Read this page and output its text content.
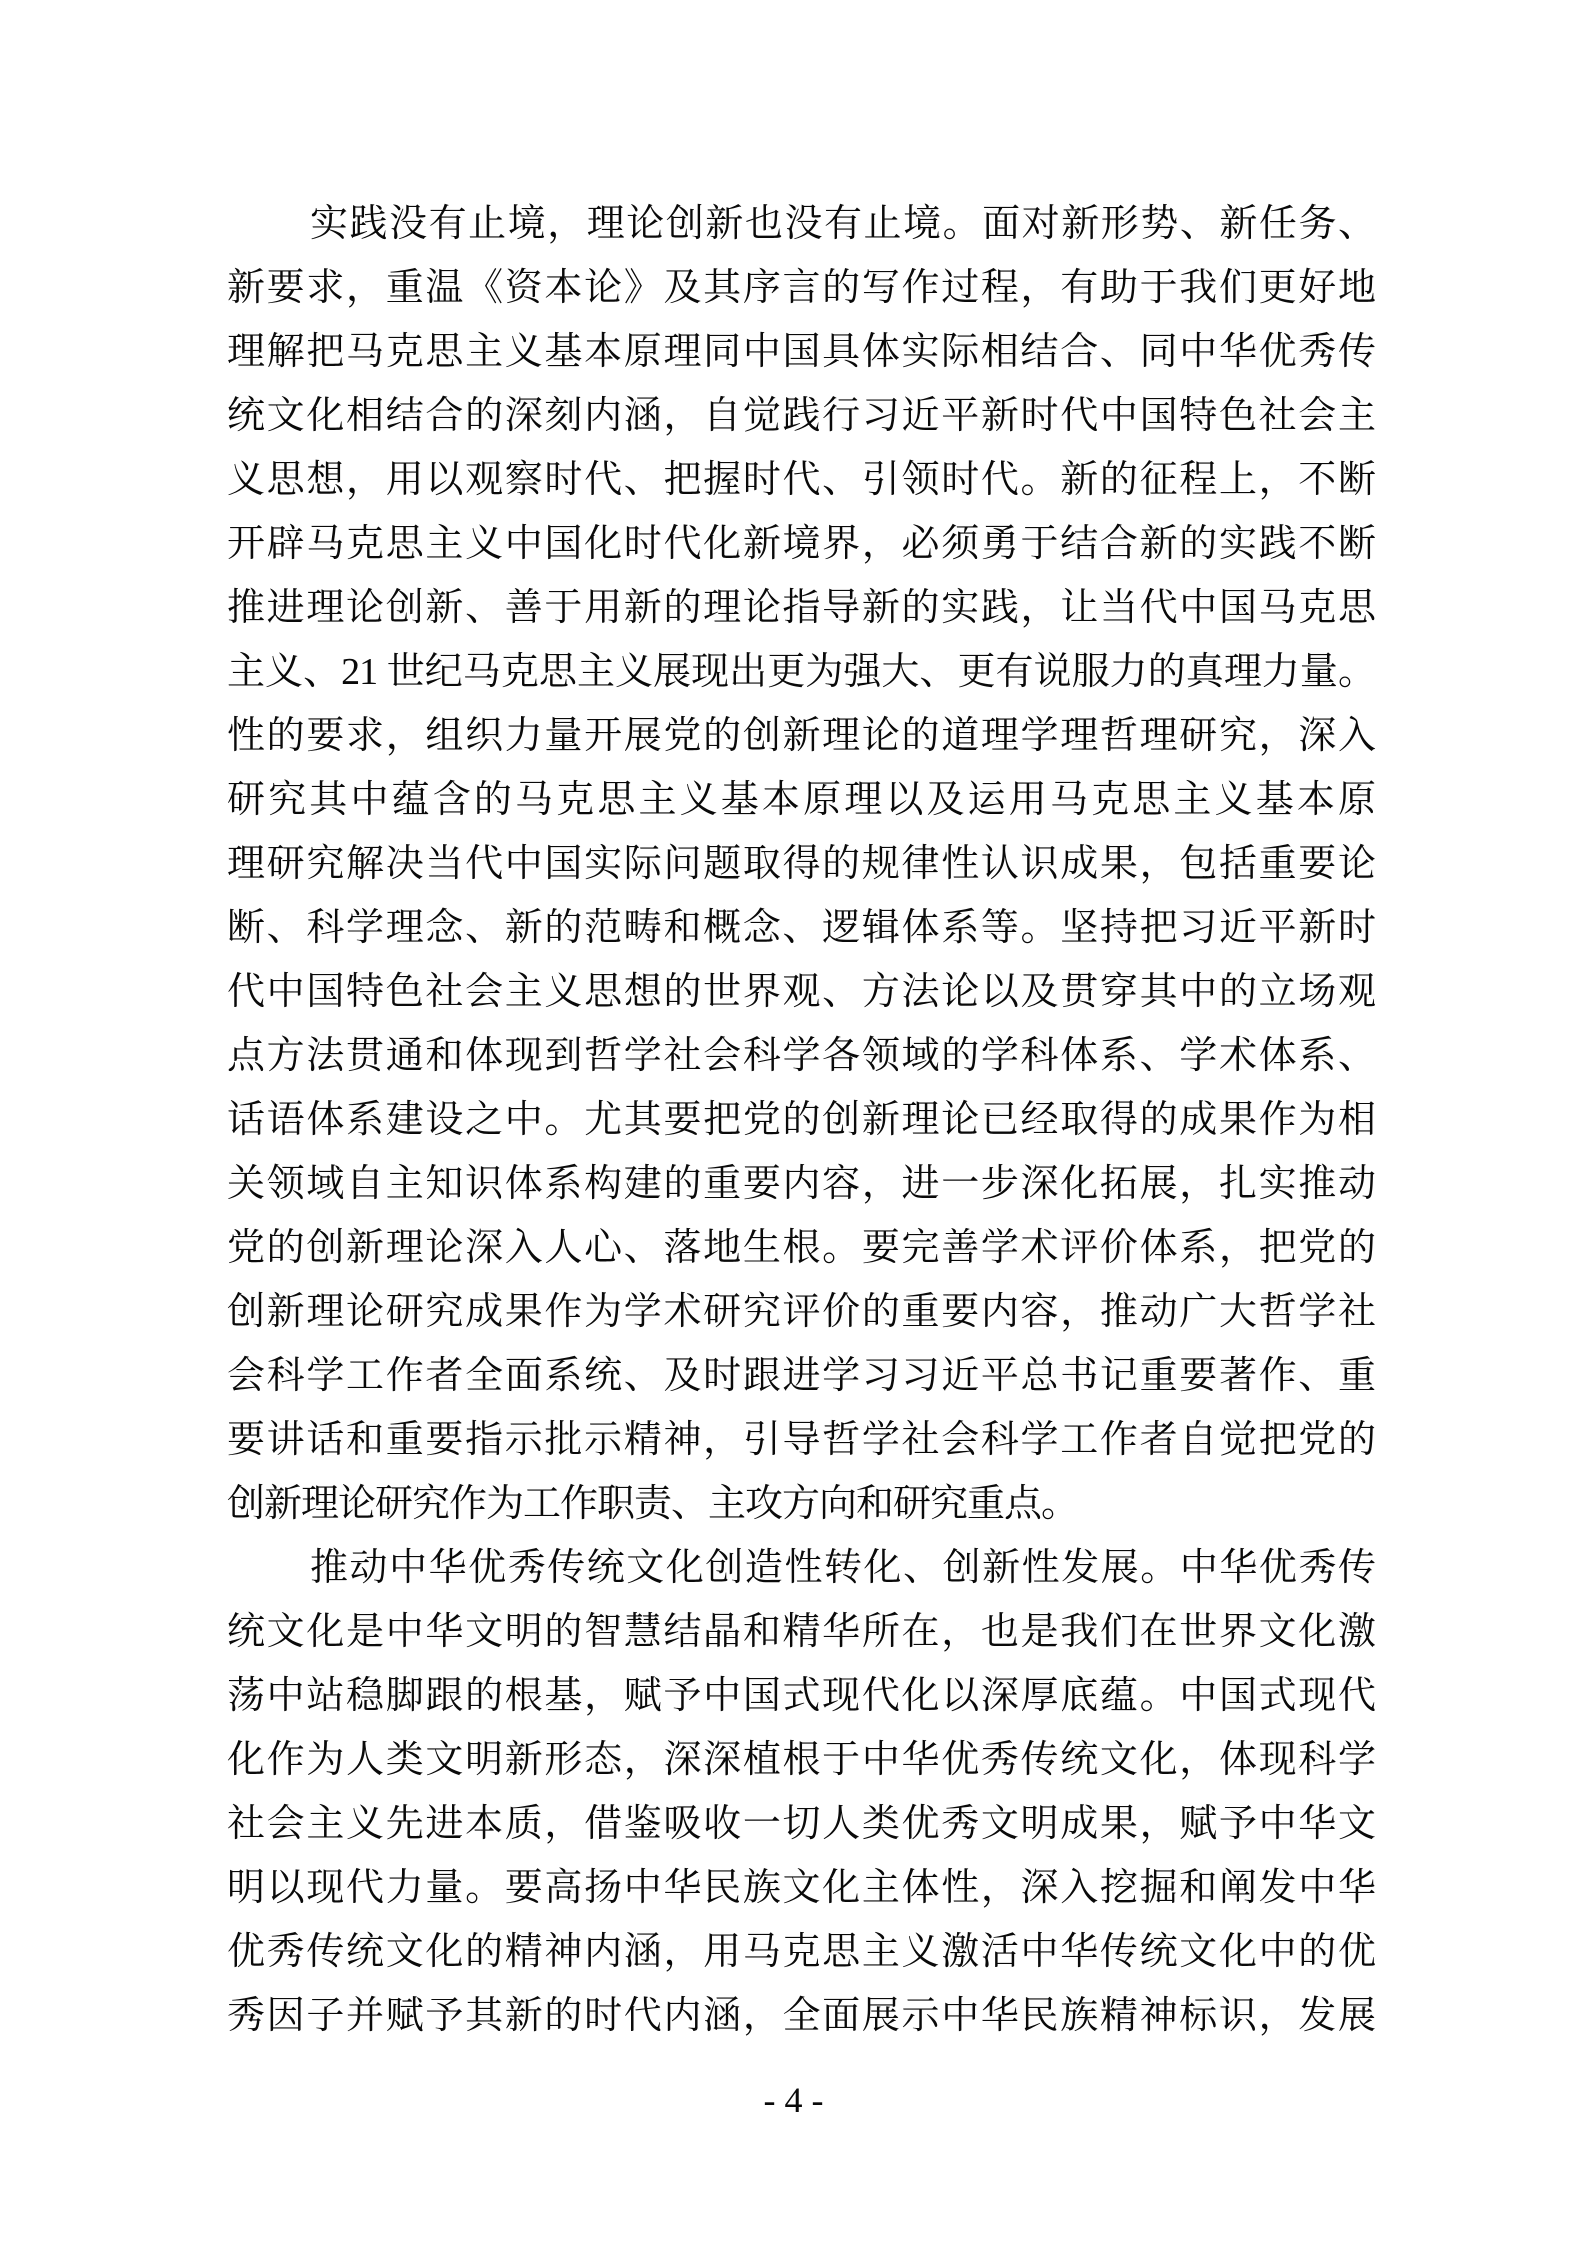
实践没有止境，理论创新也没有止境。面对新形势、新任务、
新要求，重温《资本论》及其序言的写作过程，有助于我们更好地
理解把马克思主义基本原理同中国具体实际相结合、同中华优秀传
统文化相结合的深刻内涵，自觉践行习近平新时代中国特色社会主
义思想，用以观察时代、把握时代、引领时代。新的征程上，不断
开辟马克思主义中国化时代化新境界，必须勇于结合新的实践不断
推进理论创新、善于用新的理论指导新的实践，让当代中国马克思
主义、21 世纪马克思主义展现出更为强大、更有说服力的真理力量。
性的要求，组织力量开展党的创新理论的道理学理哲理研究，深入
研究其中蕴含的马克思主义基本原理以及运用马克思主义基本原
理研究解决当代中国实际问题取得的规律性认识成果，包括重要论
断、科学理念、新的范畴和概念、逻辑体系等。坚持把习近平新时
代中国特色社会主义思想的世界观、方法论以及贯穿其中的立场观
点方法贯通和体现到哲学社会科学各领域的学科体系、学术体系、
话语体系建设之中。尤其要把党的创新理论已经取得的成果作为相
关领域自主知识体系构建的重要内容，进一步深化拓展，扎实推动
党的创新理论深入人心、落地生根。要完善学术评价体系，把党的
创新理论研究成果作为学术研究评价的重要内容，推动广大哲学社
会科学工作者全面系统、及时跟进学习习近平总书记重要著作、重
要讲话和重要指示批示精神，引导哲学社会科学工作者自觉把党的
创新理论研究作为工作职责、主攻方向和研究重点。
推动中华优秀传统文化创造性转化、创新性发展。中华优秀传
统文化是中华文明的智慧结晶和精华所在，也是我们在世界文化激
荡中站稳脚跟的根基，赋予中国式现代化以深厚底蕴。中国式现代
化作为人类文明新形态，深深植根于中华优秀传统文化，体现科学
社会主义先进本质，借鉴吸收一切人类优秀文明成果，赋予中华文
明以现代力量。要高扬中华民族文化主体性，深入挖掘和阐发中华
优秀传统文化的精神内涵，用马克思主义激活中华传统文化中的优
秀因子并赋予其新的时代内涵，全面展示中华民族精神标识，发展
- 4 -
